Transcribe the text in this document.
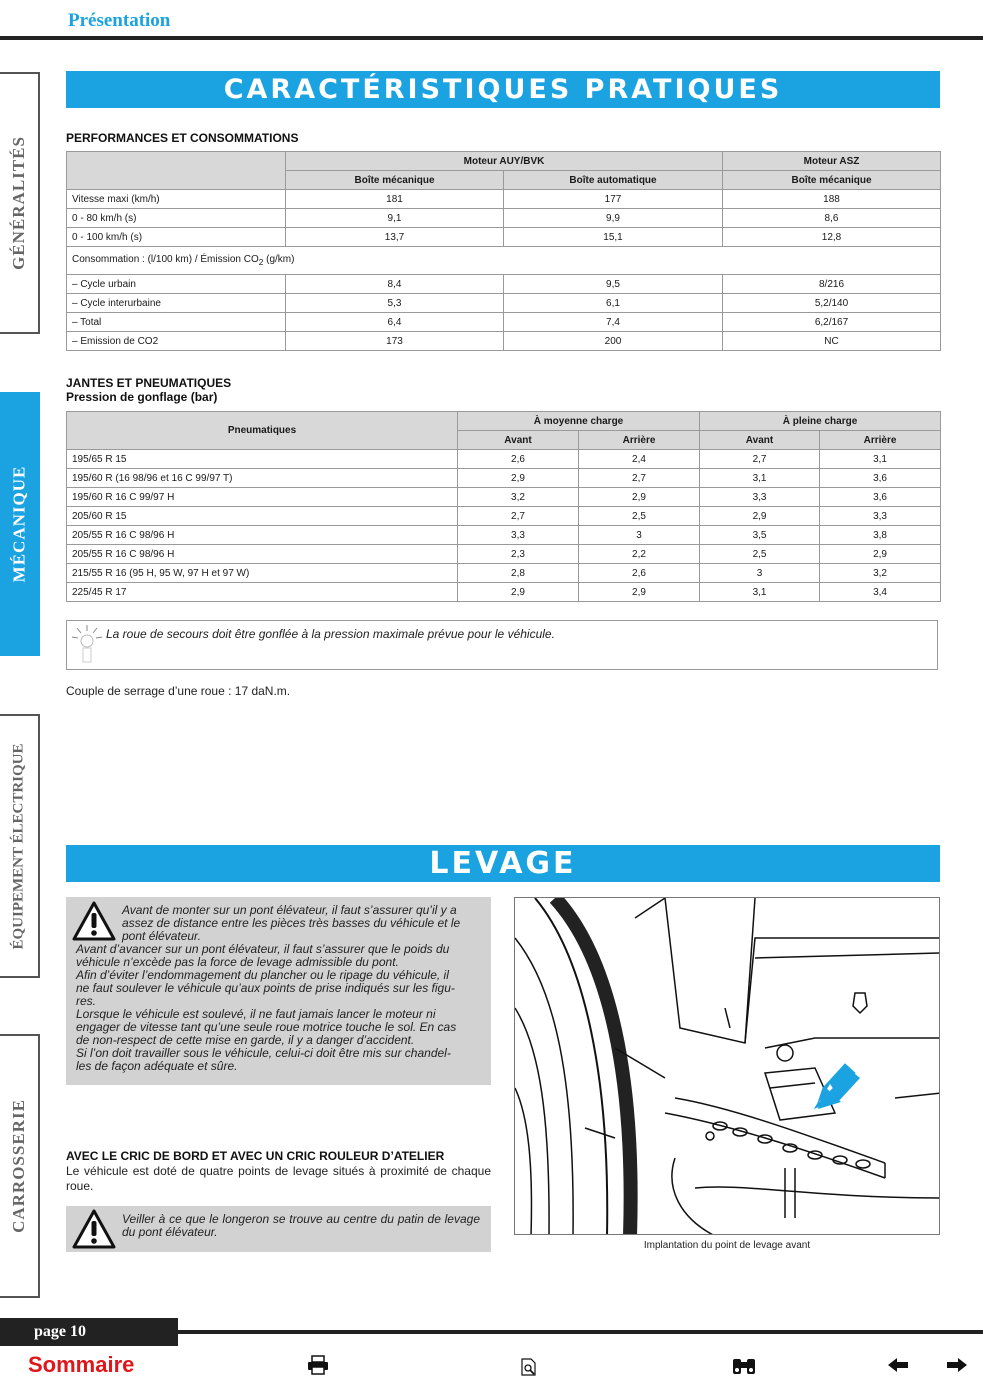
Présentation
GÉNÉRALITÉS
MÉCANIQUE
ÉQUIPEMENT ÉLECTRIQUE
CARROSSERIE
CARACTÉRISTIQUES PRATIQUES
PERFORMANCES ET CONSOMMATIONS
	Moteur AUY/BVK		Moteur ASZ
	Boîte mécanique	Boîte automatique	Boîte mécanique
Vitesse maxi (km/h)	181	177	188
0 - 80 km/h (s)	9,1	9,9	8,6
0 - 100 km/h (s)	13,7	15,1	12,8
Consommation : (l/100 km) / Émission $CO_2$ (g/km)			
– Cycle urbain	8,4	9,5	8/216
– Cycle interurbaine	5,3	6,1	5,2/140
– Total	6,4	7,4	6,2/167
– Emission de CO2	173	200	NC
JANTES ET PNEUMATIQUES
Pression de gonflage (bar)
Pneumatiques	À moyenne charge		À pleine charge	
	Avant	Arrière	Avant	Arrière
195/65 R 15	2,6	2,4	2,7	3,1
195/60 R (16 98/96 et 16 C 99/97 T)	2,9	2,7	3,1	3,6
195/60 R 16 C 99/97 H	3,2	2,9	3,3	3,6
205/60 R 15	2,7	2,5	2,9	3,3
205/55 R 16 C 98/96 H	3,3	3	3,5	3,8
205/55 R 16 C 98/96 H	2,3	2,2	2,5	2,9
215/55 R 16 (95 H, 95 W, 97 H et 97 W)	2,8	2,6	3	3,2
225/45 R 17	2,9	2,9	3,1	3,4
La roue de secours doit être gonflée à la pression maximale prévue pour le véhicule.
Couple de serrage d’une roue : 17 daN.m.
LEVAGE
Avant de monter sur un pont élévateur, il faut s’assurer qu’il y a
assez de distance entre les pièces très basses du véhicule et le
pont élévateur.
Avant d’avancer sur un pont élévateur, il faut s’assurer que le poids du
véhicule n’excède pas la force de levage admissible du pont.
Afin d’éviter l’endommagement du plancher ou le ripage du véhicule, il
ne faut soulever le véhicule qu’aux points de prise indiqués sur les figu-
res.
Lorsque le véhicule est soulevé, il ne faut jamais lancer le moteur ni
engager de vitesse tant qu’une seule roue motrice touche le sol. En cas
de non-respect de cette mise en garde, il y a danger d’accident.
Si l’on doit travailler sous le véhicule, celui-ci doit être mis sur chandel-
les de façon adéquate et sûre.
AVEC LE CRIC DE BORD ET AVEC UN CRIC ROULEUR D’ATELIER
Le véhicule est doté de quatre points de levage situés à proximité de chaque roue.
Veiller à ce que le longeron se trouve au centre du patin de levage du pont élévateur.
Implantation du point de levage avant
page 10
Sommaire
